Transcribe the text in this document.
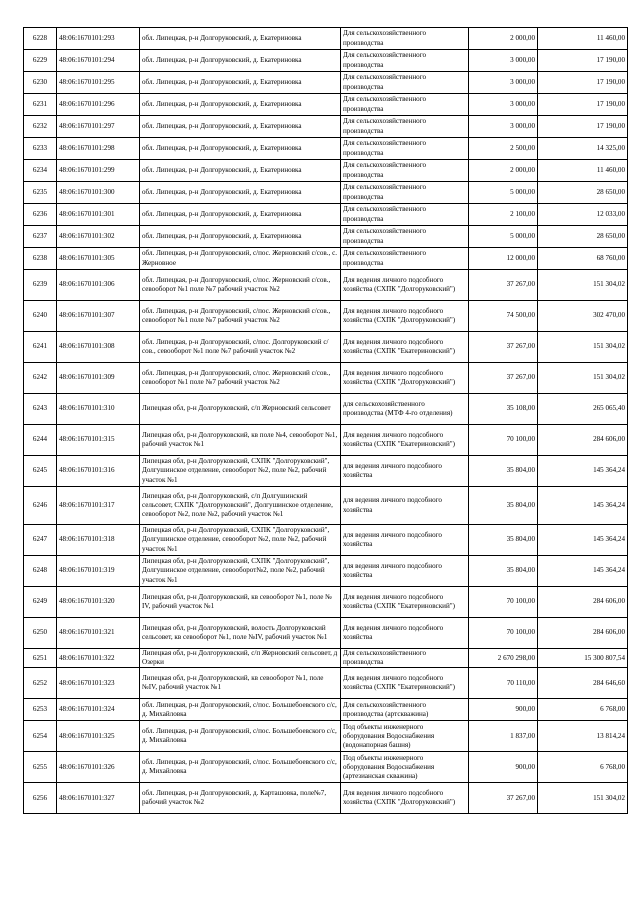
6228	48:06:1670101:293	обл. Липецкая, р-н Долгоруковский, д. Екатериновка	Для сельскохозяйственного производства	2 000,00	11 460,00
6229	48:06:1670101:294	обл. Липецкая, р-н Долгоруковский, д. Екатериновка	Для сельскохозяйственного производства	3 000,00	17 190,00
6230	48:06:1670101:295	обл. Липецкая, р-н Долгоруковский, д. Екатериновка	Для сельскохозяйственного производства	3 000,00	17 190,00
6231	48:06:1670101:296	обл. Липецкая, р-н Долгоруковский, д. Екатериновка	Для сельскохозяйственного производства	3 000,00	17 190,00
6232	48:06:1670101:297	обл. Липецкая, р-н Долгоруковский, д. Екатериновка	Для сельскохозяйственного производства	3 000,00	17 190,00
6233	48:06:1670101:298	обл. Липецкая, р-н Долгоруковский, д. Екатериновка	Для сельскохозяйственного производства	2 500,00	14 325,00
6234	48:06:1670101:299	обл. Липецкая, р-н Долгоруковский, д. Екатериновка	Для сельскохозяйственного производства	2 000,00	11 460,00
6235	48:06:1670101:300	обл. Липецкая, р-н Долгоруковский, д. Екатериновка	Для сельскохозяйственного производства	5 000,00	28 650,00
6236	48:06:1670101:301	обл. Липецкая, р-н Долгоруковский, д. Екатериновка	Для сельскохозяйственного производства	2 100,00	12 033,00
6237	48:06:1670101:302	обл. Липецкая, р-н Долгоруковский, д. Екатериновка	Для сельскохозяйственного производства	5 000,00	28 650,00
6238	48:06:1670101:305	обл. Липецкая, р-н Долгоруковский, с/пос. Жерновский с/сов., с. Жерновное	Для сельскохозяйственного производства	12 000,00	68 760,00
6239	48:06:1670101:306	обл. Липецкая, р-н Долгоруковский, с/пос. Жерновский с/сов., севооборот №1 поле №7 рабочий участок №2	Для ведения личного подсобного хозяйства (СХПК "Долгоруковский")	37 267,00	151 304,02
6240	48:06:1670101:307	обл. Липецкая, р-н Долгоруковский, с/пос. Жерновский с/сов., севооборот №1 поле №7 рабочий участок №2	Для ведения личного подсобного хозяйства (СХПК "Долгоруковский")	74 500,00	302 470,00
6241	48:06:1670101:308	обл. Липецкая, р-н Долгоруковский, с/пос. Долгоруковский с/сов., севооборот №1 поле №7 рабочий участок №2	Для ведения личного подсобного хозяйства (СХПК "Екатериновский")	37 267,00	151 304,02
6242	48:06:1670101:309	обл. Липецкая, р-н Долгоруковский, с/пос. Жерновский с/сов., севооборот №1 поле №7 рабочий участок №2	Для ведения личного подсобного хозяйства (СХПК "Долгоруковский")	37 267,00	151 304,02
6243	48:06:1670101:310	Липецкая обл, р-н Долгоруковский, с/п Жерновский сельсовет	для сельскохозяйственного производства (МТФ 4-го отделения)	35 108,00	265 065,40
6244	48:06:1670101:315	Липецкая обл, р-н Долгоруковский, кв поле №4, севооборот №1, рабочий участок №1	Для ведения личного подсобного хозяйства (СХПК "Екатериновский")	70 100,00	284 606,00
6245	48:06:1670101:316	Липецкая обл, р-н Долгоруковский, СХПК "Долгоруковский", Долгушинское отделение, севооборот №2, поле №2, рабочий участок №1	для ведения личного подсобного хозяйства	35 804,00	145 364,24
6246	48:06:1670101:317	Липецкая обл, р-н Долгоруковский, с/п Долгушинский сельсовет, СХПК "Долгоруковский", Долгушинское отделение, севооборот №2, поле №2, рабочий участок №1	для ведения личного подсобного хозяйства	35 804,00	145 364,24
6247	48:06:1670101:318	Липецкая обл, р-н Долгоруковский, СХПК "Долгоруковский", Долгушинское отделение, севооборот №2, поле №2, рабочий участок №1	для ведения личного подсобного хозяйства	35 804,00	145 364,24
6248	48:06:1670101:319	Липецкая обл, р-н Долгоруковский, СХПК "Долгоруковский", Долгушинское отделение, севооборот№2, поле №2, рабочий участок №1	для ведения личного подсобного хозяйства	35 804,00	145 364,24
6249	48:06:1670101:320	Липецкая обл, р-н Долгоруковский, кв севооборот №1, поле № IV, рабочий участок №1	Для ведения личного подсобного хозяйства (СХПК "Екатериновский")	70 100,00	284 606,00
6250	48:06:1670101:321	Липецкая обл, р-н Долгоруковский, волость Долгоруковский сельсовет, кв севооборот №1, поле №IV, рабочий участок №1	Для ведения личного подсобного хозяйства	70 100,00	284 606,00
6251	48:06:1670101:322	Липецкая обл, р-н Долгоруковский, с/п Жерновский сельсовет, д Озерки	Для сельскохозяйственного производства	2 670 298,00	15 300 807,54
6252	48:06:1670101:323	Липецкая обл, р-н Долгоруковский, кв севооборот №1, поле №IV, рабочий участок №1	Для ведения личного подсобного хозяйства (СХПК "Екатериновский")	70 110,00	284 646,60
6253	48:06:1670101:324	обл. Липецкая, р-н Долгоруковский, с/пос. Большебоевского с/с, д. Михайловка	Для сельскохозяйственного производства (артскважина)	900,00	6 768,00
6254	48:06:1670101:325	обл. Липецкая, р-н Долгоруковский, с/пос. Большебоевского с/с, д. Михайловка	Под объекты инженерного оборудования Водоснабжения (водонапорная башня)	1 837,00	13 814,24
6255	48:06:1670101:326	обл. Липецкая, р-н Долгоруковский, с/пос. Большебоевского с/с, д. Михайловка	Под объекты инженерного оборудования Водоснабжения (артезианская скважина)	900,00	6 768,00
6256	48:06:1670101:327	обл. Липецкая, р-н Долгоруковский, д. Карташовка, поле№7, рабочий участок №2	Для ведения личного подсобного хозяйства (СХПК "Долгоруковский")	37 267,00	151 304,02
